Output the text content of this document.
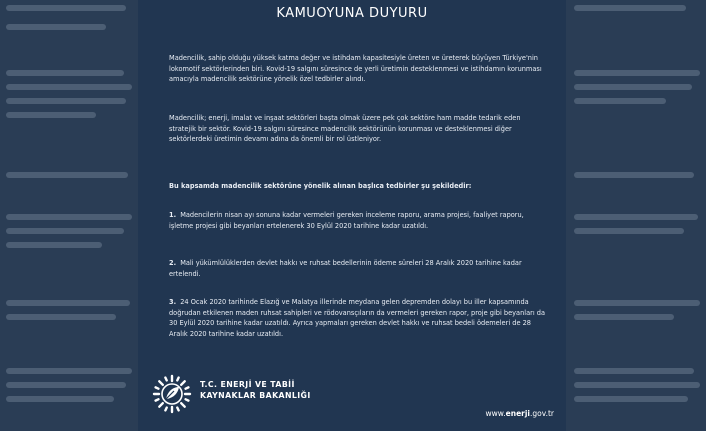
KAMUOYUNA DUYURU

Madencilik, sahip olduğu yüksek katma değer ve istihdam kapasitesiyle üreten ve üreterek büyüyen Türkiye'nin lokomotif sektörlerinden biri. Kovid-19 salgını süresince de yerli üretimin desteklenmesi ve istihdamın korunması amacıyla madencilik sektörüne yönelik özel tedbirler alındı.

Madencilik; enerji, imalat ve inşaat sektörleri başta olmak üzere pek çok sektöre ham madde tedarik eden stratejik bir sektör. Kovid-19 salgını süresince madencilik sektörünün korunması ve desteklenmesi diğer sektörlerdeki üretimin devamı adına da önemli bir rol üstleniyor.

Bu kapsamda madencilik sektörüne yönelik alınan başlıca tedbirler şu şekildedir:

1. Madencilerin nisan ayı sonuna kadar vermeleri gereken inceleme raporu, arama projesi, faaliyet raporu, işletme projesi gibi beyanları ertelenerek 30 Eylül 2020 tarihine kadar uzatıldı.

2. Mali yükümlülüklerden devlet hakkı ve ruhsat bedellerinin ödeme süreleri 28 Aralık 2020 tarihine kadar ertelendi.

3. 24 Ocak 2020 tarihinde Elazığ ve Malatya illerinde meydana gelen depremden dolayı bu iller kapsamında doğrudan etkilenen maden ruhsat sahipleri ve rödovansçıların da vermeleri gereken rapor, proje gibi beyanları da 30 Eylül 2020 tarihine kadar uzatıldı. Ayrıca yapmaları gereken devlet hakkı ve ruhsat bedeli ödemeleri de 28 Aralık 2020 tarihine kadar uzatıldı.

T.C. ENERJİ VE TABİİ
KAYNAKLAR BAKANLIĞI
www.enerji.gov.tr
